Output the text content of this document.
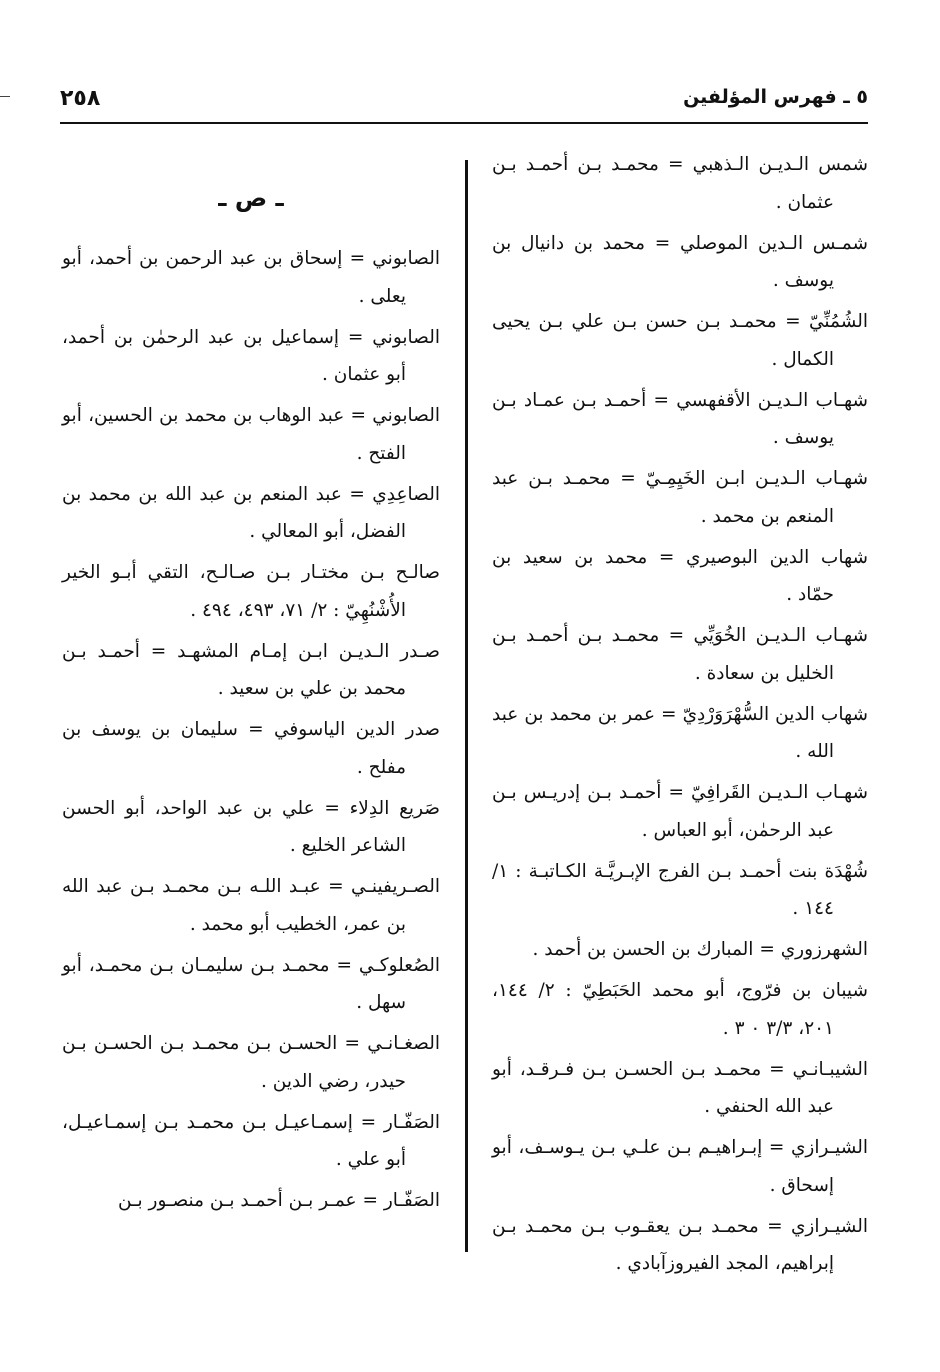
٢٥٨	٥ ـ فهرس المؤلفين

شمس الـديـن الـذهبي = محمـد بـن أحمـد بـن عثمان .

شمـس الـدين الموصلي = محمد بن دانيال بن يوسف .

الشُمُنِّيّ = محمـد بـن حسن بـن علي بـن يحيى الكمال .

شهـاب الـديـن الأقفهسي = أحمـد بـن عمـاد بـن يوسف .

شهـاب الـديـن ابـن الخَيِمِـيّ = محمـد بـن عبد المنعم بن محمد .

شهاب الدين البوصيري = محمد بن سعيد بن حمّاد .

شهـاب الـديـن الخُوَيِّي = محمـد بـن أحمـد بـن الخليل بن سعادة .

شهاب الدين السُّهْرَوَرْدِيّ = عمر بن محمد بن عبد الله .

شهـاب الـديـن القَرافِيّ = أحمـد بـن إدريـس بـن عبد الرحمٰن، أبو العباس .

شُهْدَة بنت أحمـد بـن الفرج الإبـريَّـة الكـاتبـة : ١/ ١٤٤ .

الشهرزوري = المبارك بن الحسن بن أحمد .

شيبان بن فرّوج، أبو محمد الحَبَطِيّ : ٢/ ١٤٤، ٢٠١، ٣/٣ ٠ ٣ .

الشيبـانـي = محمـد بـن الحسـن بـن فـرقـد، أبو عبد الله الحنفي .

الشيـرازي = إبـراهيـم بـن علـي بـن يـوسـف، أبو إسحاق .

الشيـرازي = محمـد بـن يعقـوب بـن محمـد بـن إبراهيم، المجد الفيروزآبادي .

ـ ص ـ

الصابوني = إسحاق بن عبد الرحمن بن أحمد، أبو يعلى .

الصابوني = إسماعيل بن عبد الرحمٰن بن أحمد، أبو عثمان .

الصابوني = عبد الوهاب بن محمد بن الحسين، أبو الفتح .

الصاعِدِي = عبد المنعم بن عبد الله بن محمد بن الفضل، أبو المعالي .

صالـح بـن مختـار بـن صـالـح، التقي أبـو الخير الأُشْنُهِيّ : ٢/ ٧١، ٤٩٣، ٤٩٤ .

صـدر الـديـن ابـن إمـام المشهـد = أحمـد بـن محمد بن علي بن سعيد .

صدر الدين الياسوفي = سليمان بن يوسف بن مفلح .

صَريع الدِلاء = علي بن عبد الواحد، أبو الحسن الشاعر الخليع .

الصـريفينـي = عبـد اللـه بـن محمـد بـن عبد الله بن عمر، الخطيب أبو محمد .

الصُعلوكـي = محمـد بـن سليمـان بـن محمـد، أبو سهل .

الصغـانـي = الحسـن بـن محمـد بـن الحسـن بـن حيدر، رضي الدين .

الصَفّـار = إسمـاعيـل بـن محمـد بـن إسمـاعيـل، أبو علي .

الصَفّـار = عمـر بـن أحمـد بـن منصـور بـن
